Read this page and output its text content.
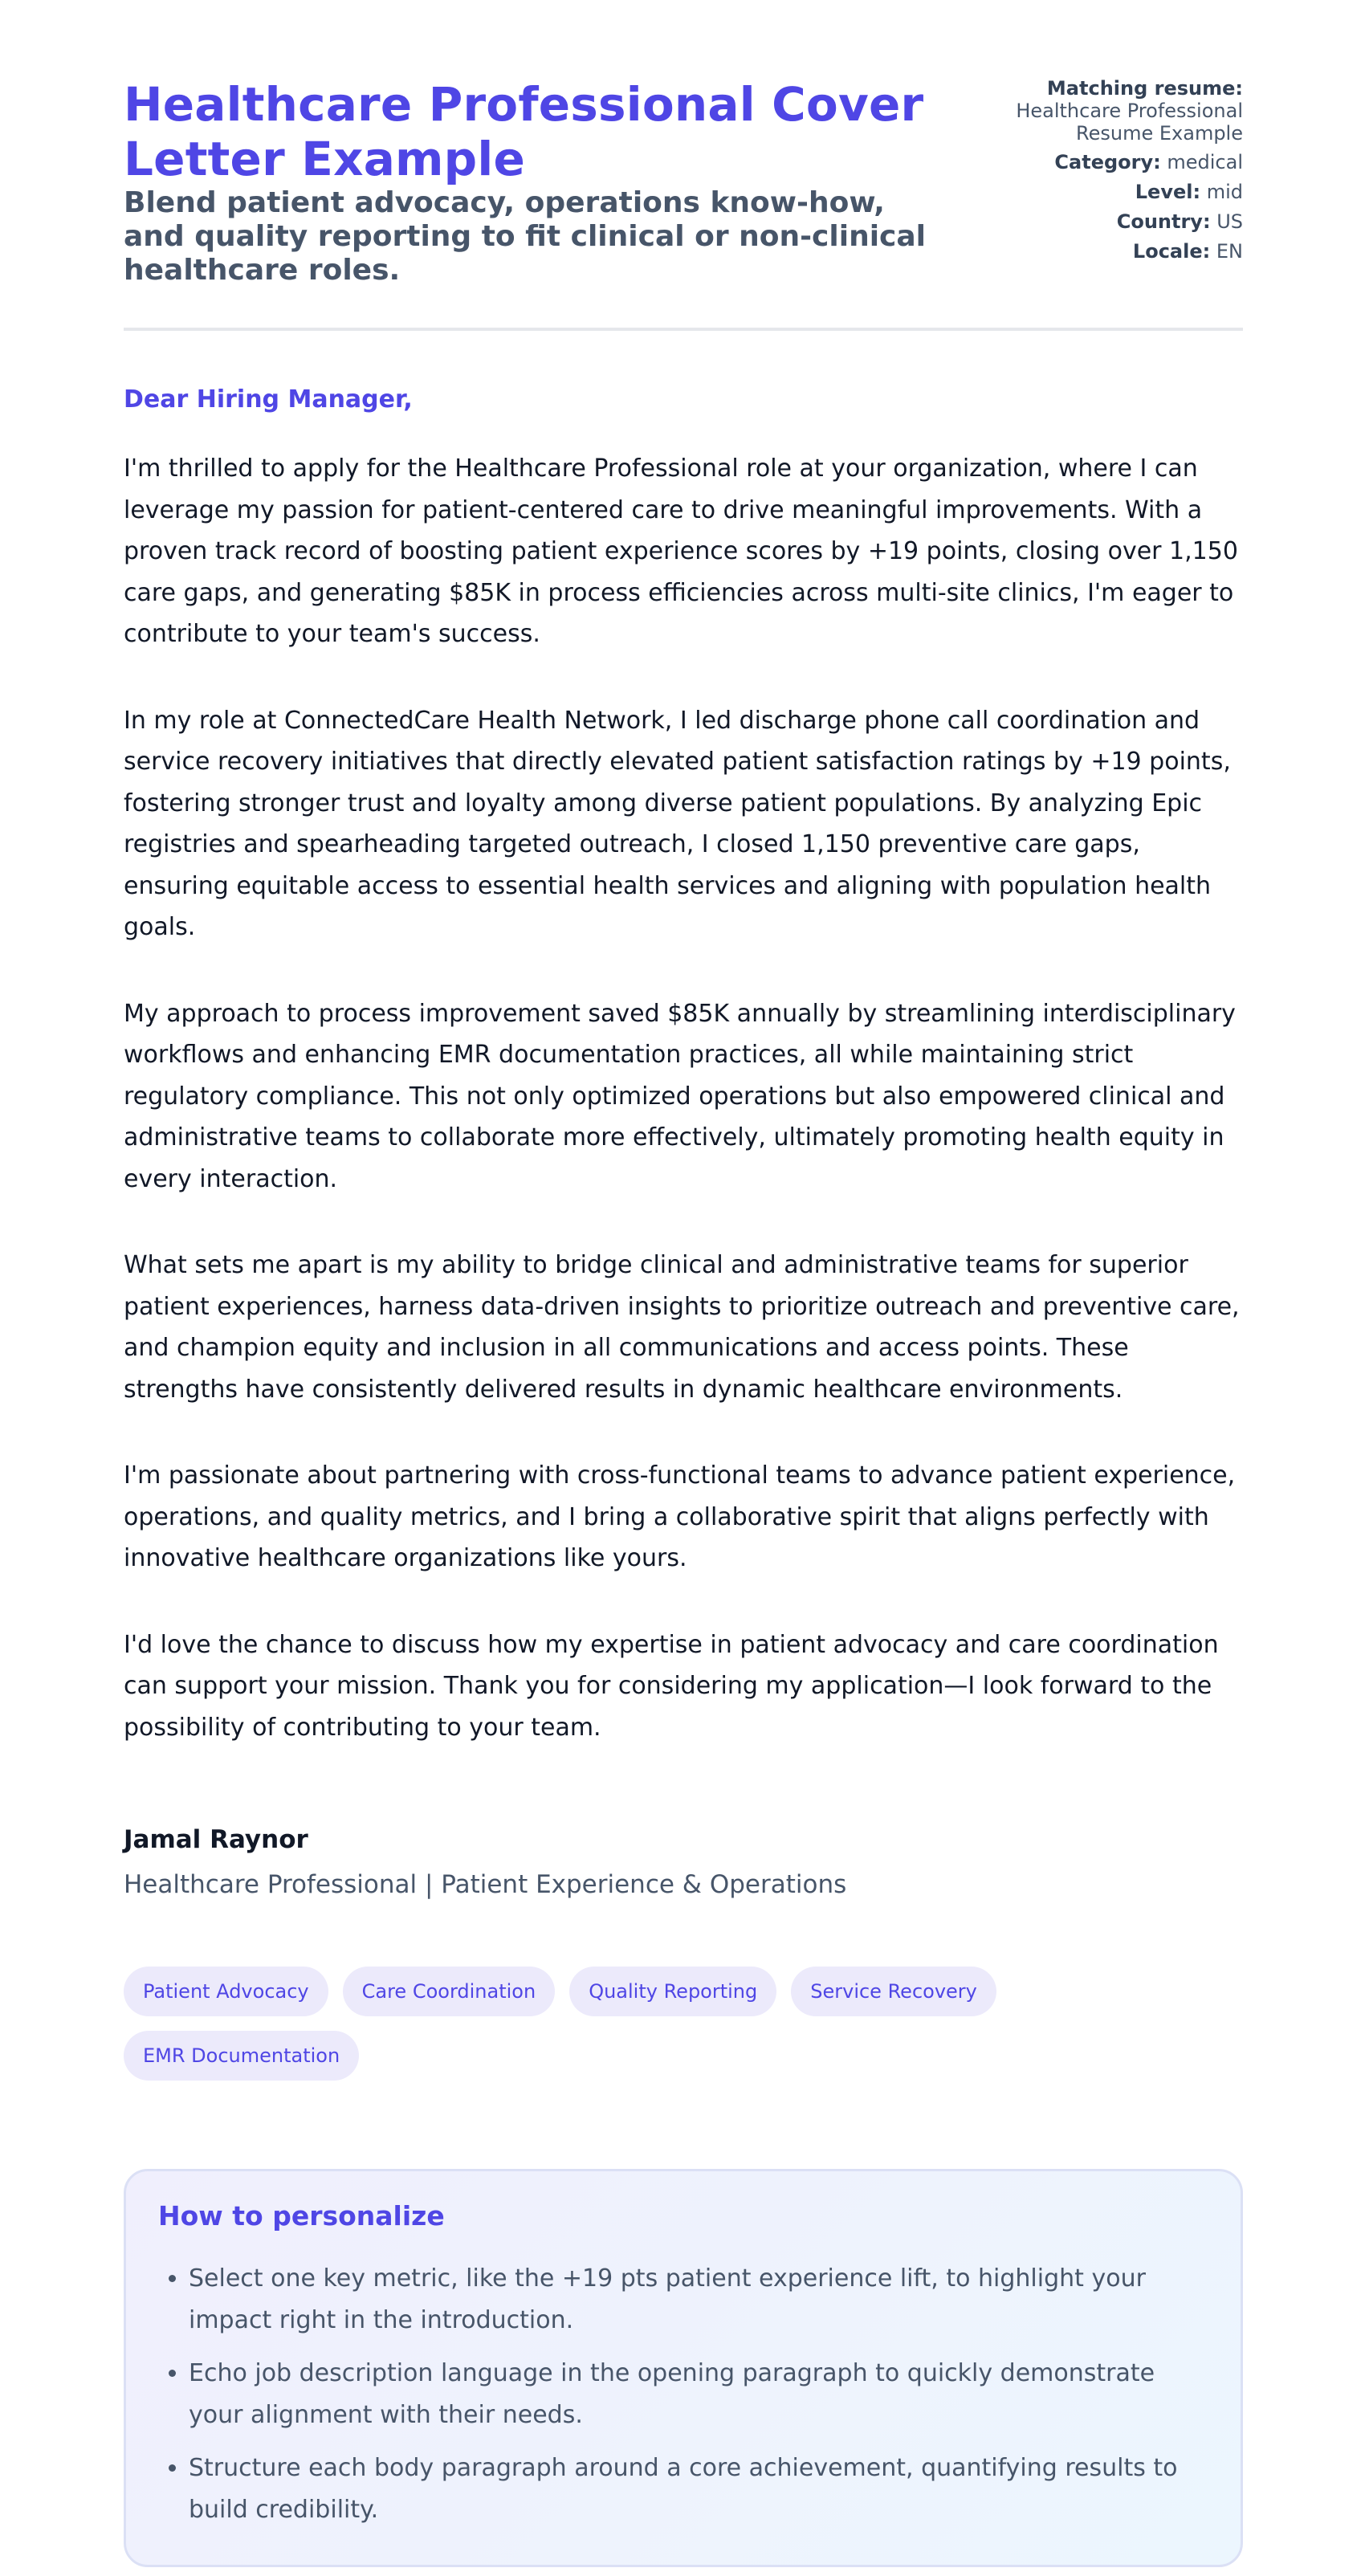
Healthcare Professional Cover Letter Example
Blend patient advocacy, operations know-how, and quality reporting to fit clinical or non-clinical healthcare roles.
Matching resume:
Healthcare Professional Resume Example
Category: medical
Level: mid
Country: US
Locale: EN

Dear Hiring Manager,

I'm thrilled to apply for the Healthcare Professional role at your organization, where I can leverage my passion for patient-centered care to drive meaningful improvements. With a proven track record of boosting patient experience scores by +19 points, closing over 1,150 care gaps, and generating $85K in process efficiencies across multi-site clinics, I'm eager to contribute to your team's success.

In my role at ConnectedCare Health Network, I led discharge phone call coordination and service recovery initiatives that directly elevated patient satisfaction ratings by +19 points, fostering stronger trust and loyalty among diverse patient populations. By analyzing Epic registries and spearheading targeted outreach, I closed 1,150 preventive care gaps, ensuring equitable access to essential health services and aligning with population health goals.

My approach to process improvement saved $85K annually by streamlining interdisciplinary workflows and enhancing EMR documentation practices, all while maintaining strict regulatory compliance. This not only optimized operations but also empowered clinical and administrative teams to collaborate more effectively, ultimately promoting health equity in every interaction.

What sets me apart is my ability to bridge clinical and administrative teams for superior patient experiences, harness data-driven insights to prioritize outreach and preventive care, and champion equity and inclusion in all communications and access points. These strengths have consistently delivered results in dynamic healthcare environments.

I'm passionate about partnering with cross-functional teams to advance patient experience, operations, and quality metrics, and I bring a collaborative spirit that aligns perfectly with innovative healthcare organizations like yours.

I'd love the chance to discuss how my expertise in patient advocacy and care coordination can support your mission. Thank you for considering my application—I look forward to the possibility of contributing to your team.

Jamal Raynor

Healthcare Professional | Patient Experience & Operations

Patient Advocacy	Care Coordination	Quality Reporting	Service Recovery
EMR Documentation
How to personalize
• Select one key metric, like the +19 pts patient experience lift, to highlight your impact right in the introduction.
• Echo job description language in the opening paragraph to quickly demonstrate your alignment with their needs.
• Structure each body paragraph around a core achievement, quantifying results to build credibility.
